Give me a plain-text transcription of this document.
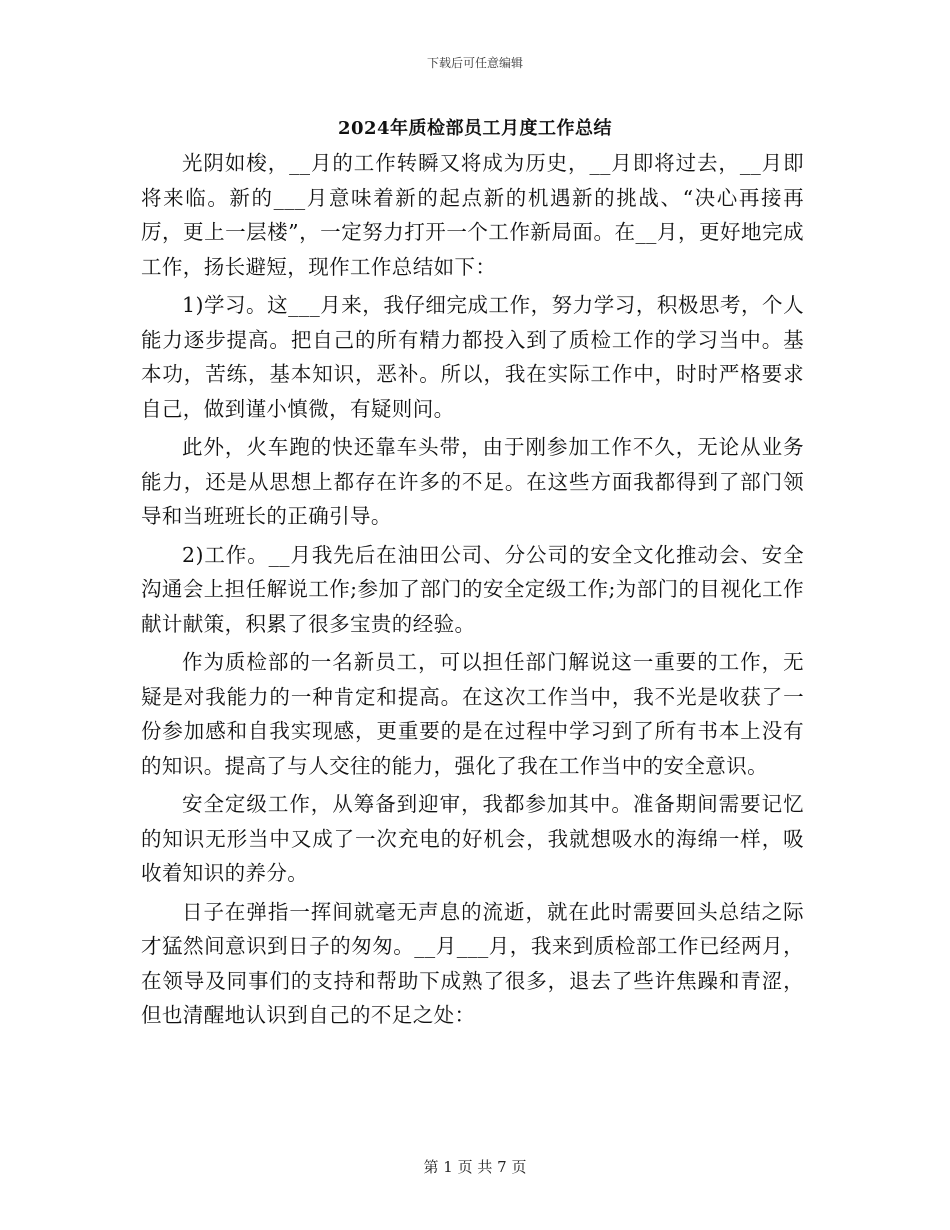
下载后可任意编辑
2024年质检部员工月度工作总结

光阴如梭，__月的工作转瞬又将成为历史，__月即将过去，__月即将来临。新的___月意味着新的起点新的机遇新的挑战、“决心再接再厉，更上一层楼”，一定努力打开一个工作新局面。在__月，更好地完成工作，扬长避短，现作工作总结如下：

1)学习。这___月来，我仔细完成工作，努力学习，积极思考，个人能力逐步提高。把自己的所有精力都投入到了质检工作的学习当中。基本功，苦练，基本知识，恶补。所以，我在实际工作中，时时严格要求自己，做到谨小慎微，有疑则问。

此外，火车跑的快还靠车头带，由于刚参加工作不久，无论从业务能力，还是从思想上都存在许多的不足。在这些方面我都得到了部门领导和当班班长的正确引导。

2)工作。__月我先后在油田公司、分公司的安全文化推动会、安全沟通会上担任解说工作;参加了部门的安全定级工作;为部门的目视化工作献计献策，积累了很多宝贵的经验。

作为质检部的一名新员工，可以担任部门解说这一重要的工作，无疑是对我能力的一种肯定和提高。在这次工作当中，我不光是收获了一份参加感和自我实现感，更重要的是在过程中学习到了所有书本上没有的知识。提高了与人交往的能力，强化了我在工作当中的安全意识。

安全定级工作，从筹备到迎审，我都参加其中。准备期间需要记忆的知识无形当中又成了一次充电的好机会，我就想吸水的海绵一样，吸收着知识的养分。

日子在弹指一挥间就毫无声息的流逝，就在此时需要回头总结之际才猛然间意识到日子的匆匆。__月___月，我来到质检部工作已经两月，在领导及同事们的支持和帮助下成熟了很多，退去了些许焦躁和青涩，但也清醒地认识到自己的不足之处：

第 1 页 共 7 页
